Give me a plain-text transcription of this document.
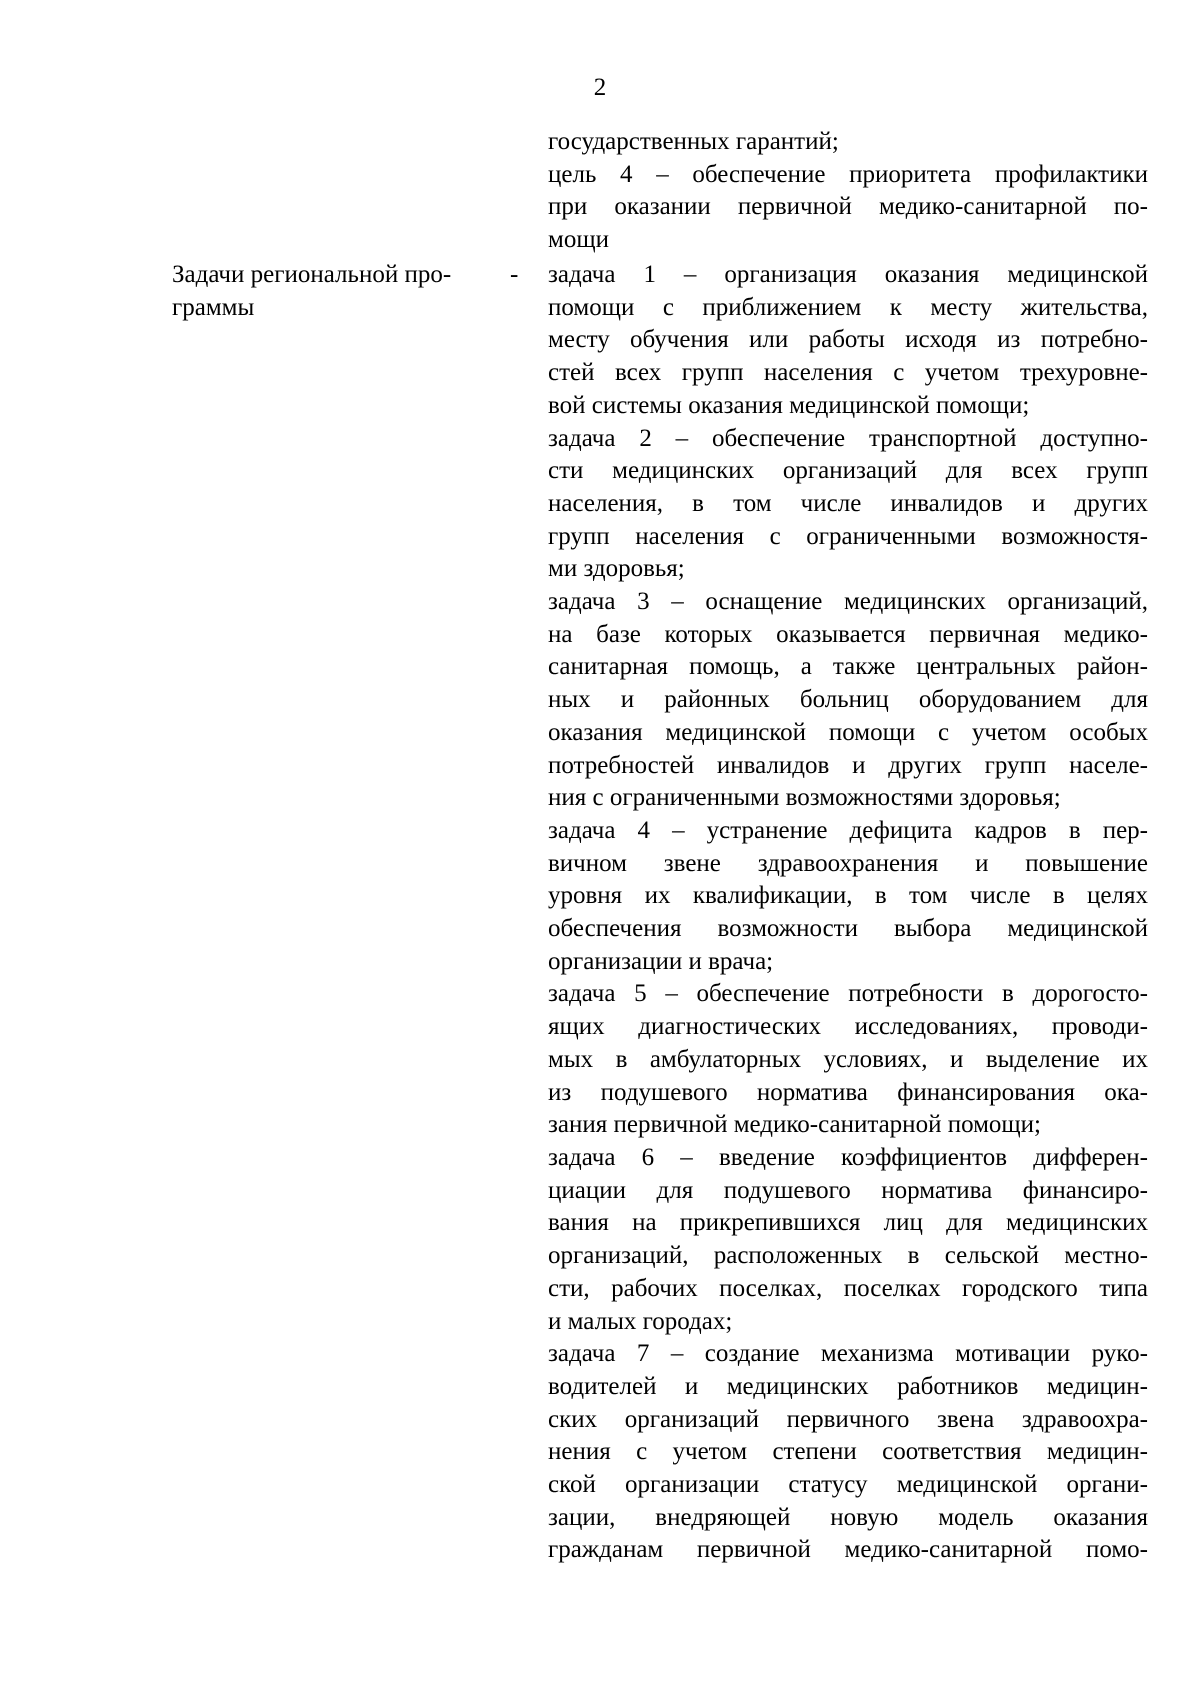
2
государственных гарантий;
цель 4 – обеспечение приоритета профилактики
при оказании первичной медико-санитарной по-
мощи
Задачи региональной про-
граммы
-	задача 1 – организация оказания медицинской
помощи с приближением к месту жительства,
месту обучения или работы исходя из потребно-
стей всех групп населения с учетом трехуровне-
вой системы оказания медицинской помощи;
задача 2 – обеспечение транспортной доступно-
сти медицинских организаций для всех групп
населения, в том числе инвалидов и других
групп населения с ограниченными возможностя-
ми здоровья;
задача 3 – оснащение медицинских организаций,
на базе которых оказывается первичная медико-
санитарная помощь, а также центральных район-
ных и районных больниц оборудованием для
оказания медицинской помощи с учетом особых
потребностей инвалидов и других групп населе-
ния с ограниченными возможностями здоровья;
задача 4 – устранение дефицита кадров в пер-
вичном звене здравоохранения и повышение
уровня их квалификации, в том числе в целях
обеспечения возможности выбора медицинской
организации и врача;
задача 5 – обеспечение потребности в дорогосто-
ящих диагностических исследованиях, проводи-
мых в амбулаторных условиях, и выделение их
из подушевого норматива финансирования ока-
зания первичной медико-санитарной помощи;
задача 6 – введение коэффициентов дифферен-
циации для подушевого норматива финансиро-
вания на прикрепившихся лиц для медицинских
организаций, расположенных в сельской местно-
сти, рабочих поселках, поселках городского типа
и малых городах;
задача 7 – создание механизма мотивации руко-
водителей и медицинских работников медицин-
ских организаций первичного звена здравоохра-
нения с учетом степени соответствия медицин-
ской организации статусу медицинской органи-
зации, внедряющей новую модель оказания
гражданам первичной медико-санитарной помо-
